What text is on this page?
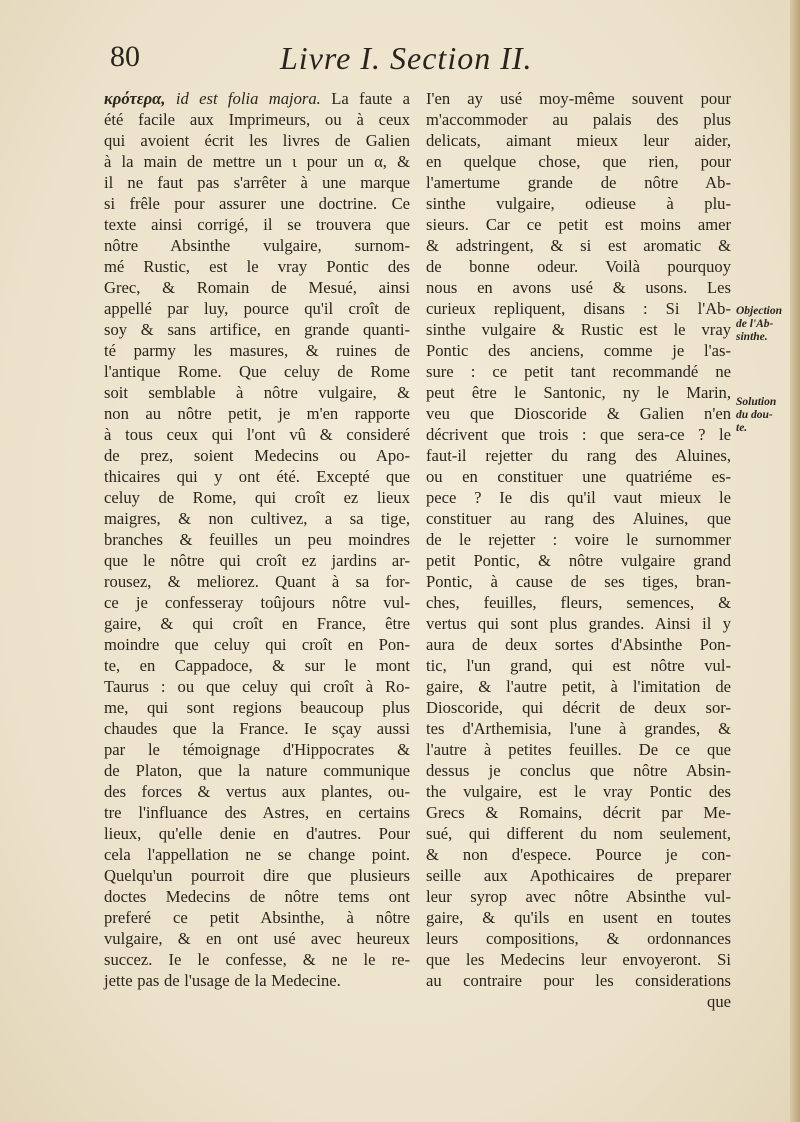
80	Livre I. Section II.
κρότερα, id est folia majora. La faute a
été facile aux Imprimeurs, ou à ceux
qui avoient écrit les livres de Galien
à la main de mettre un ι pour un α, &
il ne faut pas s'arrêter à une marque
si frêle pour assurer une doctrine. Ce
texte ainsi corrigé, il se trouvera que
nôtre Absinthe vulgaire, surnom-
mé Rustic, est le vray Pontic des
Grec, & Romain de Mesué, ainsi
appellé par luy, pource qu'il croît de
soy & sans artifice, en grande quanti-
té parmy les masures, & ruines de
l'antique Rome. Que celuy de Rome
soit semblable à nôtre vulgaire, &
non au nôtre petit, je m'en rapporte
à tous ceux qui l'ont vû & consideré
de prez, soient Medecins ou Apo-
thicaires qui y ont été. Excepté que
celuy de Rome, qui croît ez lieux
maigres, & non cultivez, a sa tige,
branches & feuilles un peu moindres
que le nôtre qui croît ez jardins ar-
rousez, & meliorez. Quant à sa for-
ce je confesseray toûjours nôtre vul-
gaire, & qui croît en France, être
moindre que celuy qui croît en Pon-
te, en Cappadoce, & sur le mont
Taurus : ou que celuy qui croît à Ro-
me, qui sont regions beaucoup plus
chaudes que la France. Ie sçay aussi
par le témoignage d'Hippocrates &
de Platon, que la nature communique
des forces & vertus aux plantes, ou-
tre l'influance des Astres, en certains
lieux, qu'elle denie en d'autres. Pour
cela l'appellation ne se change point.
Quelqu'un pourroit dire que plusieurs
doctes Medecins de nôtre tems ont
preferé ce petit Absinthe, à nôtre
vulgaire, & en ont usé avec heureux
succez. Ie le confesse, & ne le re-
jette pas de l'usage de la Medecine.
I'en ay usé moy-même souvent pour
m'accommoder au palais des plus
delicats, aimant mieux leur aider,
en quelque chose, que rien, pour
l'amertume grande de nôtre Ab-
sinthe vulgaire, odieuse à plu-
sieurs. Car ce petit est moins amer
& adstringent, & si est aromatic &
de bonne odeur. Voilà pourquoy
nous en avons usé & usons. Les
curieux repliquent, disans : Si l'Ab-
sinthe vulgaire & Rustic est le vray
Pontic des anciens, comme je l'as-
sure : ce petit tant recommandé ne
peut être le Santonic, ny le Marin,
veu que Dioscoride & Galien n'en
décrivent que trois : que sera-ce ? le
faut-il rejetter du rang des Aluines,
ou en constituer une quatriéme es-
pece ? Ie dis qu'il vaut mieux le
constituer au rang des Aluines, que
de le rejetter : voire le surnommer
petit Pontic, & nôtre vulgaire grand
Pontic, à cause de ses tiges, bran-
ches, feuilles, fleurs, semences, &
vertus qui sont plus grandes. Ainsi il y
aura de deux sortes d'Absinthe Pon-
tic, l'un grand, qui est nôtre vul-
gaire, & l'autre petit, à l'imitation de
Dioscoride, qui décrit de deux sor-
tes d'Arthemisia, l'une à grandes, &
l'autre à petites feuilles. De ce que
dessus je conclus que nôtre Absin-
the vulgaire, est le vray Pontic des
Grecs & Romains, décrit par Me-
sué, qui different du nom seulement,
& non d'espece. Pource je con-
seille aux Apothicaires de preparer
leur syrop avec nôtre Absinthe vul-
gaire, & qu'ils en usent en toutes
leurs compositions, & ordonnances
que les Medecins leur envoyeront. Si
au contraire pour les considerations
que
Objection
de l'Ab-
sinthe.
Solution
du dou-
te.
